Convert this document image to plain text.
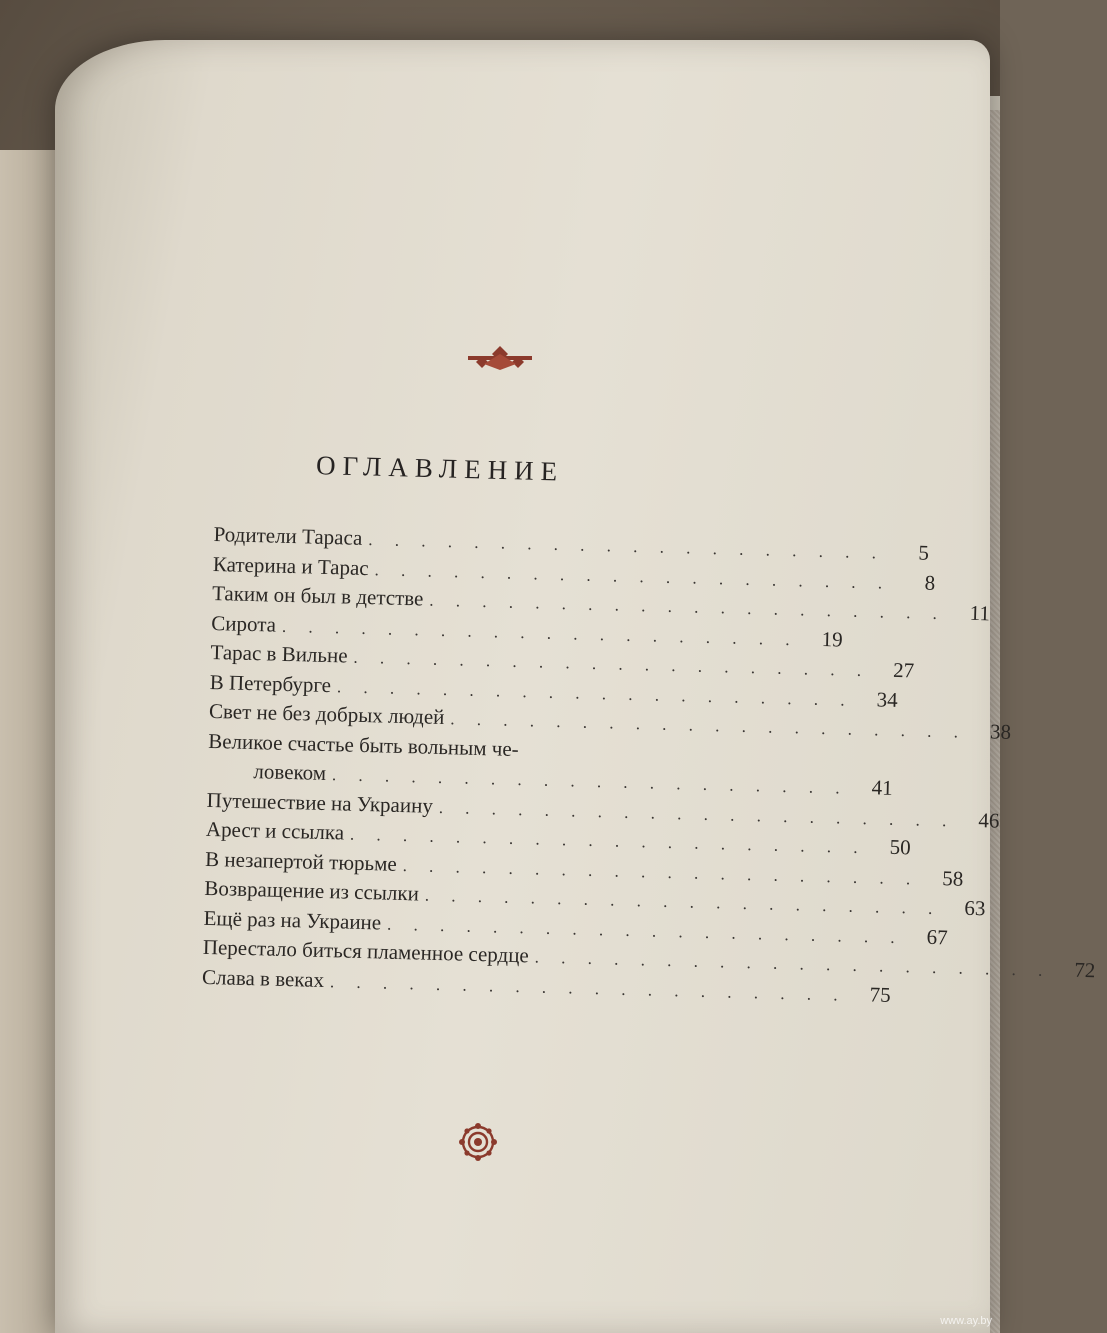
ОГЛАВЛЕНИЕ
Родители Тараса . . . . . . . . . . . . . . . . . . . .	5
Катерина и Тарас . . . . . . . . . . . . . . . . . . . .	8
Таким он был в детстве . . . . . . . . . . . . . . . . . . . .	11
Сирота . . . . . . . . . . . . . . . . . . . .	19
Тарас в Вильне . . . . . . . . . . . . . . . . . . . .	27
В Петербурге . . . . . . . . . . . . . . . . . . . .	34
Свет не без добрых людей . . . . . . . . . . . . . . . . . . . .	38
Великое счастье быть вольным че-
ловеком . . . . . . . . . . . . . . . . . . . .	41
Путешествие на Украину . . . . . . . . . . . . . . . . . . . .	46
Арест и ссылка . . . . . . . . . . . . . . . . . . . .	50
В незапертой тюрьме . . . . . . . . . . . . . . . . . . . .	58
Возвращение из ссылки . . . . . . . . . . . . . . . . . . . .	63
Ещё раз на Украине . . . . . . . . . . . . . . . . . . . .	67
Перестало биться пламенное сердце . . . . . . . . . . . . . . . . . . . .	72
Слава в веках . . . . . . . . . . . . . . . . . . . .	75
www.ay.by
